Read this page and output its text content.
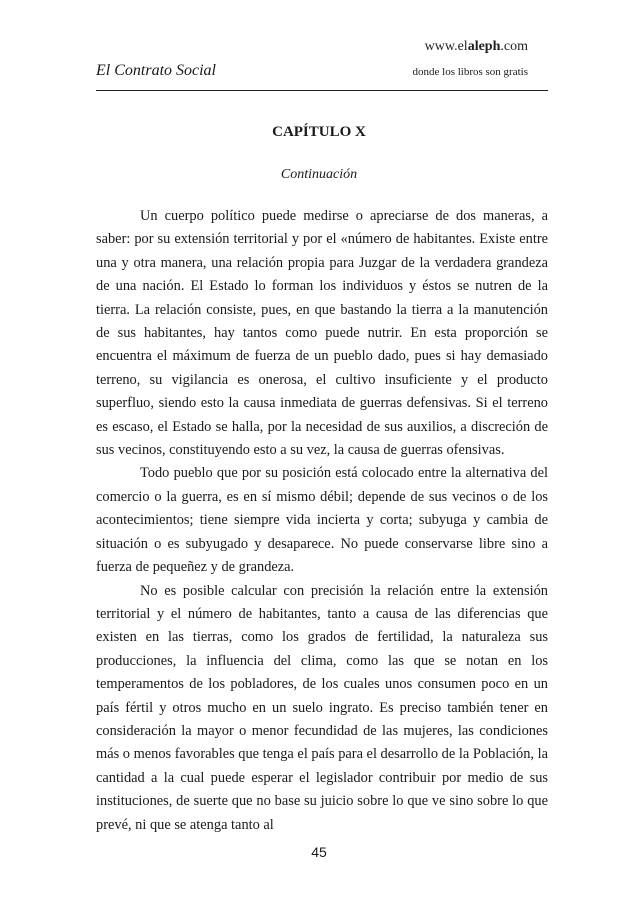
www.elaleph.com
El Contrato Social	donde los libros son gratis
CAPÍTULO X
Continuación

Un cuerpo político puede medirse o apreciarse de dos maneras, a saber: por su extensión territorial y por el «número de habitantes. Existe entre una y otra manera, una relación propia para Juzgar de la verdadera grandeza de una nación. El Estado lo forman los individuos y éstos se nutren de la tierra. La relación consiste, pues, en que bastando la tierra a la manutención de sus habitantes, hay tantos como puede nutrir. En esta proporción se encuentra el máximum de fuerza de un pueblo dado, pues si hay demasiado terreno, su vigilancia es onerosa, el cultivo insuficiente y el producto superfluo, siendo esto la causa inmediata de guerras defensivas. Si el terreno es escaso, el Estado se halla, por la necesidad de sus auxilios, a discreción de sus vecinos, constituyendo esto a su vez, la causa de guerras ofensivas.

Todo pueblo que por su posición está colocado entre la alternativa del comercio o la guerra, es en sí mismo débil; depende de sus vecinos o de los acontecimientos; tiene siempre vida incierta y corta; subyuga y cambia de situación o es subyugado y desaparece. No puede conservarse libre sino a fuerza de pequeñez y de grandeza.

No es posible calcular con precisión la relación entre la extensión territorial y el número de habitantes, tanto a causa de las diferencias que existen en las tierras, como los grados de fertilidad, la naturaleza sus producciones, la influencia del clima, como las que se notan en los temperamentos de los pobladores, de los cuales unos consumen poco en un país fértil y otros mucho en un suelo ingrato. Es preciso también tener en consideración la mayor o menor fecundidad de las mujeres, las condiciones más o menos favorables que tenga el país para el desarrollo de la Población, la cantidad a la cual puede esperar el legislador contribuir por medio de sus instituciones, de suerte que no base su juicio sobre lo que ve sino sobre lo que prevé, ni que se atenga tanto al

45
